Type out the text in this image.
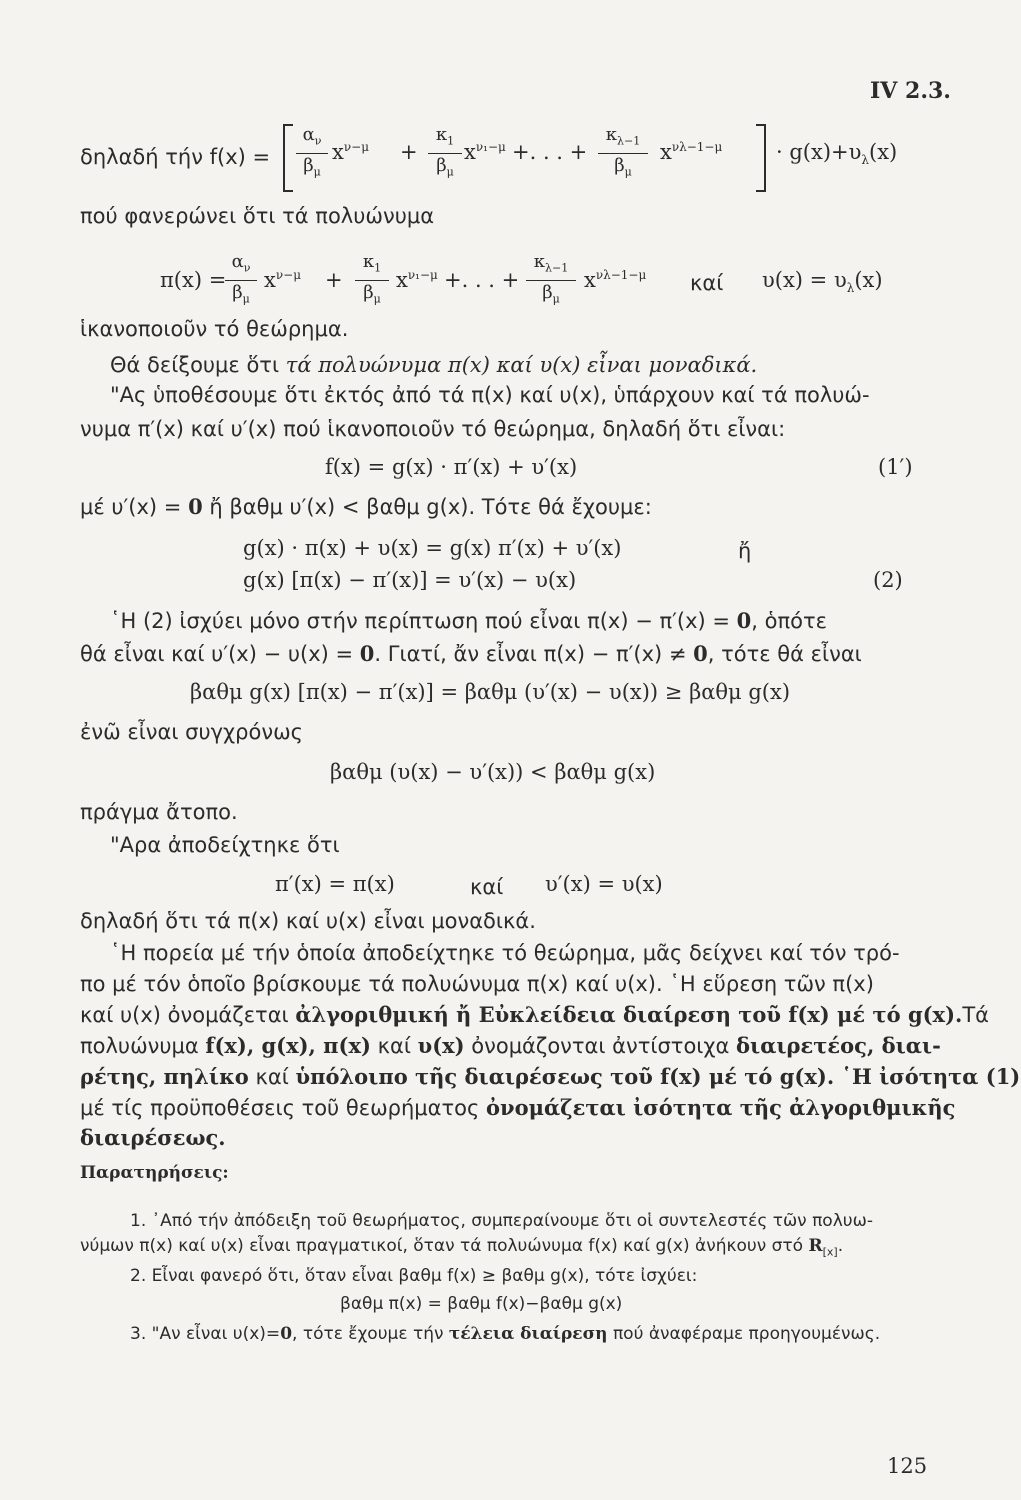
IV 2.3.
δηλαδή τήν $f(x) = \frac{\alpha_\nu}{\beta_\mu} x^{\nu-\mu} + \frac{\kappa_1}{\beta_\mu} x^{\nu_1-\mu}$ +. . . + $\frac{\kappa_{\lambda-1}}{\beta_\mu} x^{\nu\lambda-1-\mu}$	· $g(x)+\upsilon_\lambda(x)$
πού φανερώνει ὅτι τά πολυώνυμα
π(x) =
$\frac{\alpha_\nu}{\beta_\mu} x^{\nu-\mu} + \frac{\kappa_1}{\beta_\mu} x^{\nu_1-\mu}$ +. . . + $\frac{\kappa_{\lambda-1}}{\beta_\mu} x^{\nu\lambda-1-\mu}$ καί $\upsilon(x) = \upsilon_\lambda(x)$
ἱκανοποιοῦν τό θεώρημα.
Θά δείξουμε ὅτι τά πολυώνυμα π(x) καί υ(x) εἶναι μοναδικά.
"Ας ὑποθέσουμε ὅτι ἐκτός ἀπό τά π(x) καί υ(x), ὑπάρχουν καί τά πολυώ-
νυμα π′(x) καί υ′(x) πού ἱκανοποιοῦν τό θεώρημα, δηλαδή ὅτι εἶναι:
f(x) = g(x) · π′(x) + υ′(x)	(1′)
μέ υ′(x) = 0 ἤ βαθμ υ′(x) < βαθμ g(x). Τότε θά ἔχουμε:
g(x) · π(x) + υ(x) = g(x) π′(x) + υ′(x)	ἤ
g(x) [π(x) − π′(x)] = υ′(x) − υ(x)	(2)
῾Η (2) ἰσχύει μόνο στήν περίπτωση πού εἶναι π(x) − π′(x) = 0, ὁπότε
θά εἶναι καί υ′(x) − υ(x) = 0. Γιατί, ἄν εἶναι π(x) − π′(x) ≠ 0, τότε θά εἶναι
βαθμ g(x) [π(x) − π′(x)] = βαθμ (υ′(x) − υ(x)) ≥ βαθμ g(x)
ἐνῶ εἶναι συγχρόνως
βαθμ (υ(x) − υ′(x)) < βαθμ g(x)
πράγμα ἄτοπο.
"Αρα ἀποδείχτηκε ὅτι
π′(x) = π(x)	καί υ′(x) = υ(x)
δηλαδή ὅτι τά π(x) καί υ(x) εἶναι μοναδικά.
῾Η πορεία μέ τήν ὁποία ἀποδείχτηκε τό θεώρημα, μᾶς δείχνει καί τόν τρό-
πο μέ τόν ὁποῖο βρίσκουμε τά πολυώνυμα π(x) καί υ(x). ῾Η εὕρεση τῶν π(x)
καί υ(x) ὀνομάζεται ἀλγοριθμική ἤ Εὐκλείδεια διαίρεση τοῦ f(x) μέ τό g(x).Τά
πολυώνυμα f(x), g(x), π(x) καί υ(x) ὀνομάζονται ἀντίστοιχα διαιρετέος, διαι-
ρέτης, πηλίκο καί ὑπόλοιπο τῆς διαιρέσεως τοῦ f(x) μέ τό g(x). ῾Η ἰσότητα (1)
μέ τίς προϋποθέσεις τοῦ θεωρήματος ὀνομάζεται ἰσότητα τῆς ἀλγοριθμικῆς
διαιρέσεως.
Παρατηρήσεις:
1. ᾿Από τήν ἀπόδειξη τοῦ θεωρήματος, συμπεραίνουμε ὅτι οἱ συντελεστές τῶν πολυω-
νύμων π(x) καί υ(x) εἶναι πραγματικοί, ὅταν τά πολυώνυμα f(x) καί g(x) ἀνήκουν στό $R_{[x]}$.
2. Εἶναι φανερό ὅτι, ὅταν εἶναι βαθμ f(x) ≥ βαθμ g(x), τότε ἰσχύει:
βαθμ π(x) = βαθμ f(x)−βαθμ g(x)
3. "Αν εἶναι υ(x)=0, τότε ἔχουμε τήν τέλεια διαίρεση πού ἀναφέραμε προηγουμένως.
125
